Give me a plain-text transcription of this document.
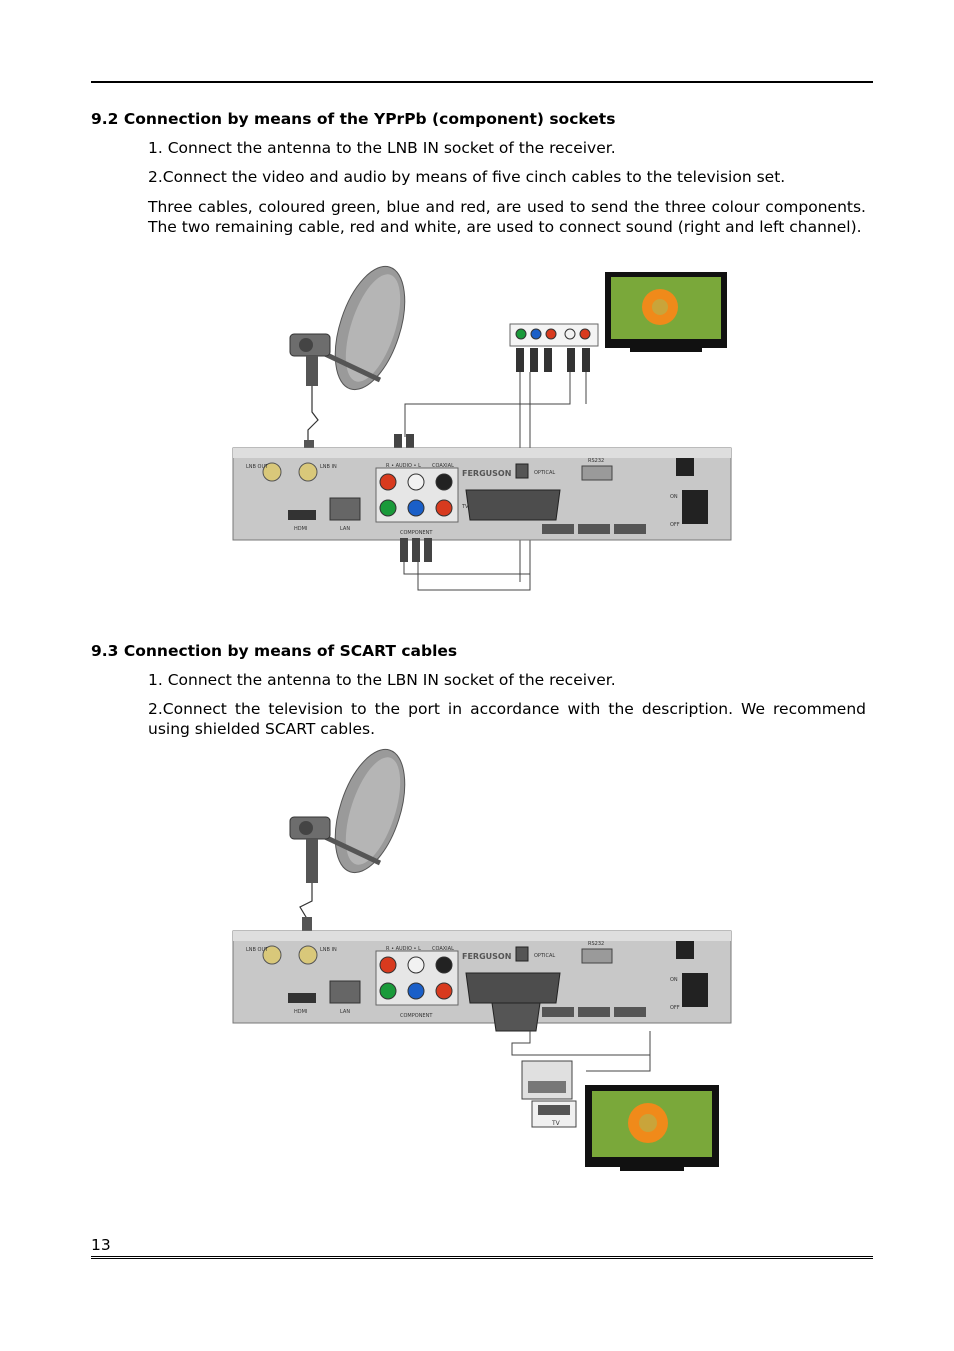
9.2 Connection by means of the YPrPb (component) sockets
1. Connect the antenna to the LNB IN socket of the receiver.
2.Connect the video and audio by means of five cinch cables to the television set.
Three cables, coloured green, blue and red, are used to send the three colour components. The two remaining cable, red and white, are used to connect sound (right and left channel).
LNB OUT	LNB IN	R • AUDIO • L COAXIAL
COMPONENT
TV
FERGUSON	OPTICAL
RS232
HDMI	LAN
ON
OFF
9.3 Connection by means of SCART cables
1. Connect the antenna to the LBN IN socket of the receiver.
2.Connect the television to the port in accordance with the description. We recommend using shielded SCART cables.
LNB OUT	LNB IN	R • AUDIO • L COAXIAL
COMPONENT
FERGUSON	OPTICAL
RS232
HDMI	LAN
ON
OFF
TV
13
